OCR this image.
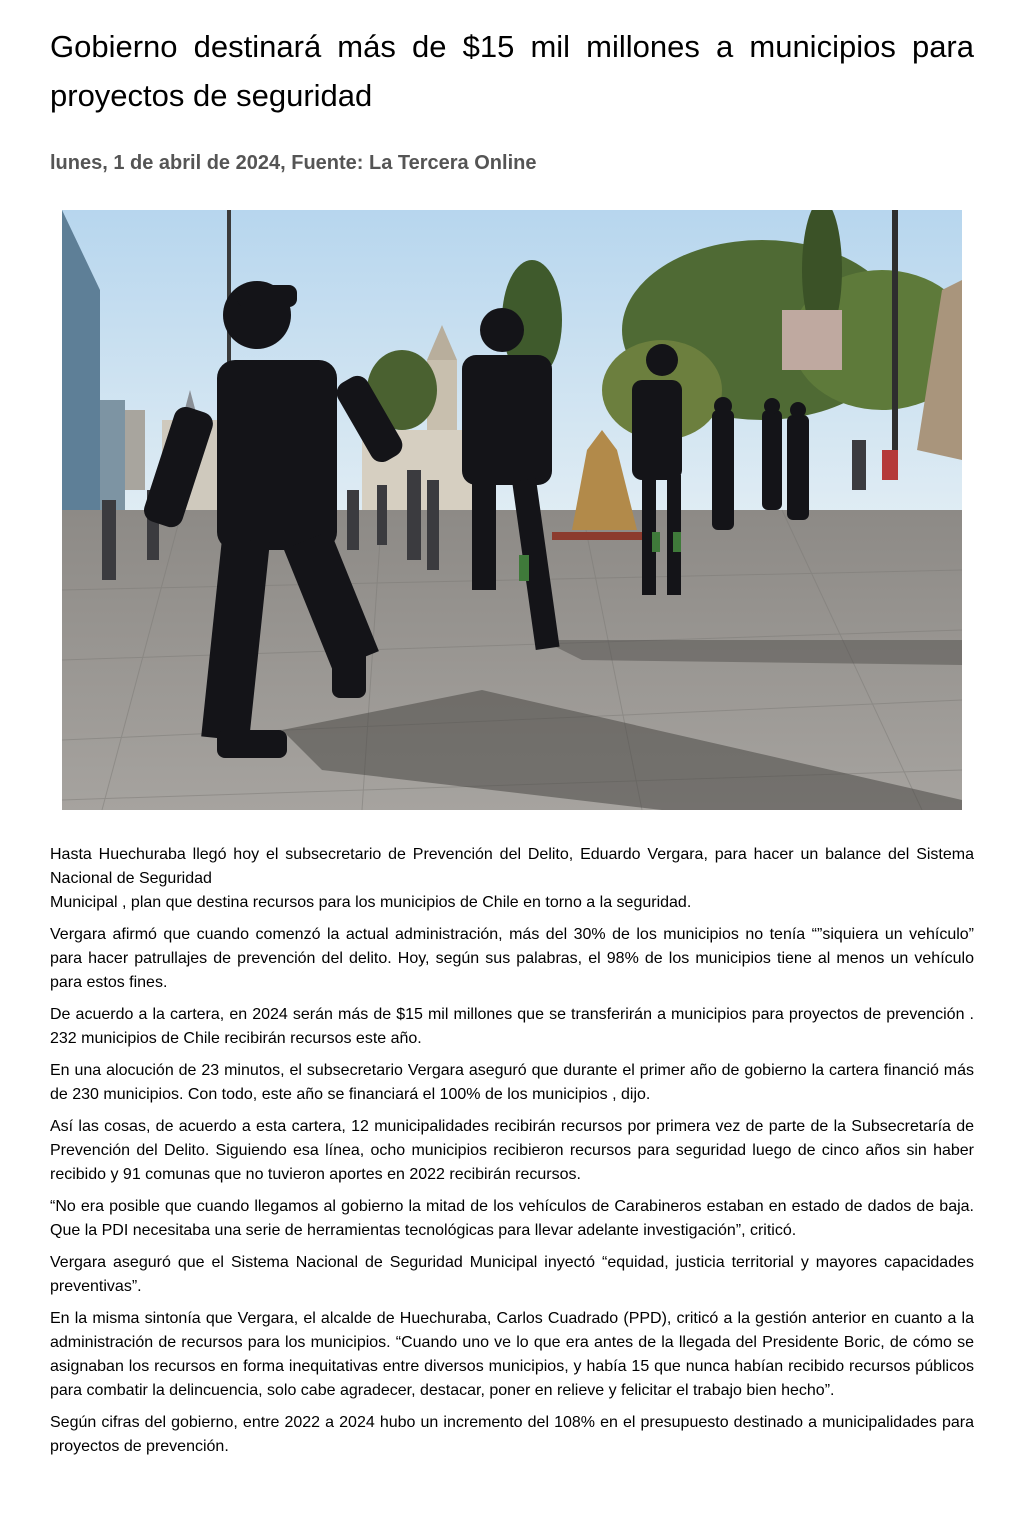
Gobierno destinará más de $15 mil millones a municipios para proyectos de seguridad
lunes, 1 de abril de 2024, Fuente: La Tercera Online

Hasta Huechuraba llegó hoy el subsecretario de Prevención del Delito, Eduardo Vergara, para hacer un balance del Sistema Nacional de Seguridad

Municipal , plan que destina recursos para los municipios de Chile en torno a la seguridad.

Vergara afirmó que cuando comenzó la actual administración, más del 30% de los municipios no tenía “”siquiera un vehículo” para hacer patrullajes de prevención del delito. Hoy, según sus palabras, el 98% de los municipios tiene al menos un vehículo para estos fines.

De acuerdo a la cartera, en 2024 serán más de $15 mil millones que se transferirán a municipios para proyectos de prevención . 232 municipios de Chile recibirán recursos este año.

En una alocución de 23 minutos, el subsecretario Vergara aseguró que durante el primer año de gobierno la cartera financió más de 230 municipios. Con todo, este año se financiará el 100% de los municipios , dijo.

Así las cosas, de acuerdo a esta cartera, 12 municipalidades recibirán recursos por primera vez de parte de la Subsecretaría de Prevención del Delito. Siguiendo esa línea, ocho municipios recibieron recursos para seguridad luego de cinco años sin haber recibido y 91 comunas que no tuvieron aportes en 2022 recibirán recursos.

“No era posible que cuando llegamos al gobierno la mitad de los vehículos de Carabineros estaban en estado de dados de baja. Que la PDI necesitaba una serie de herramientas tecnológicas para llevar adelante investigación”, criticó.

Vergara aseguró que el Sistema Nacional de Seguridad Municipal inyectó “equidad, justicia territorial y mayores capacidades preventivas”.

En la misma sintonía que Vergara, el alcalde de Huechuraba, Carlos Cuadrado (PPD), criticó a la gestión anterior en cuanto a la administración de recursos para los municipios. “Cuando uno ve lo que era antes de la llegada del Presidente Boric, de cómo se asignaban los recursos en forma inequitativas entre diversos municipios, y había 15 que nunca habían recibido recursos públicos para combatir la delincuencia, solo cabe agradecer, destacar, poner en relieve y felicitar el trabajo bien hecho”.

Según cifras del gobierno, entre 2022 a 2024 hubo un incremento del 108% en el presupuesto destinado a municipalidades para proyectos de prevención.
